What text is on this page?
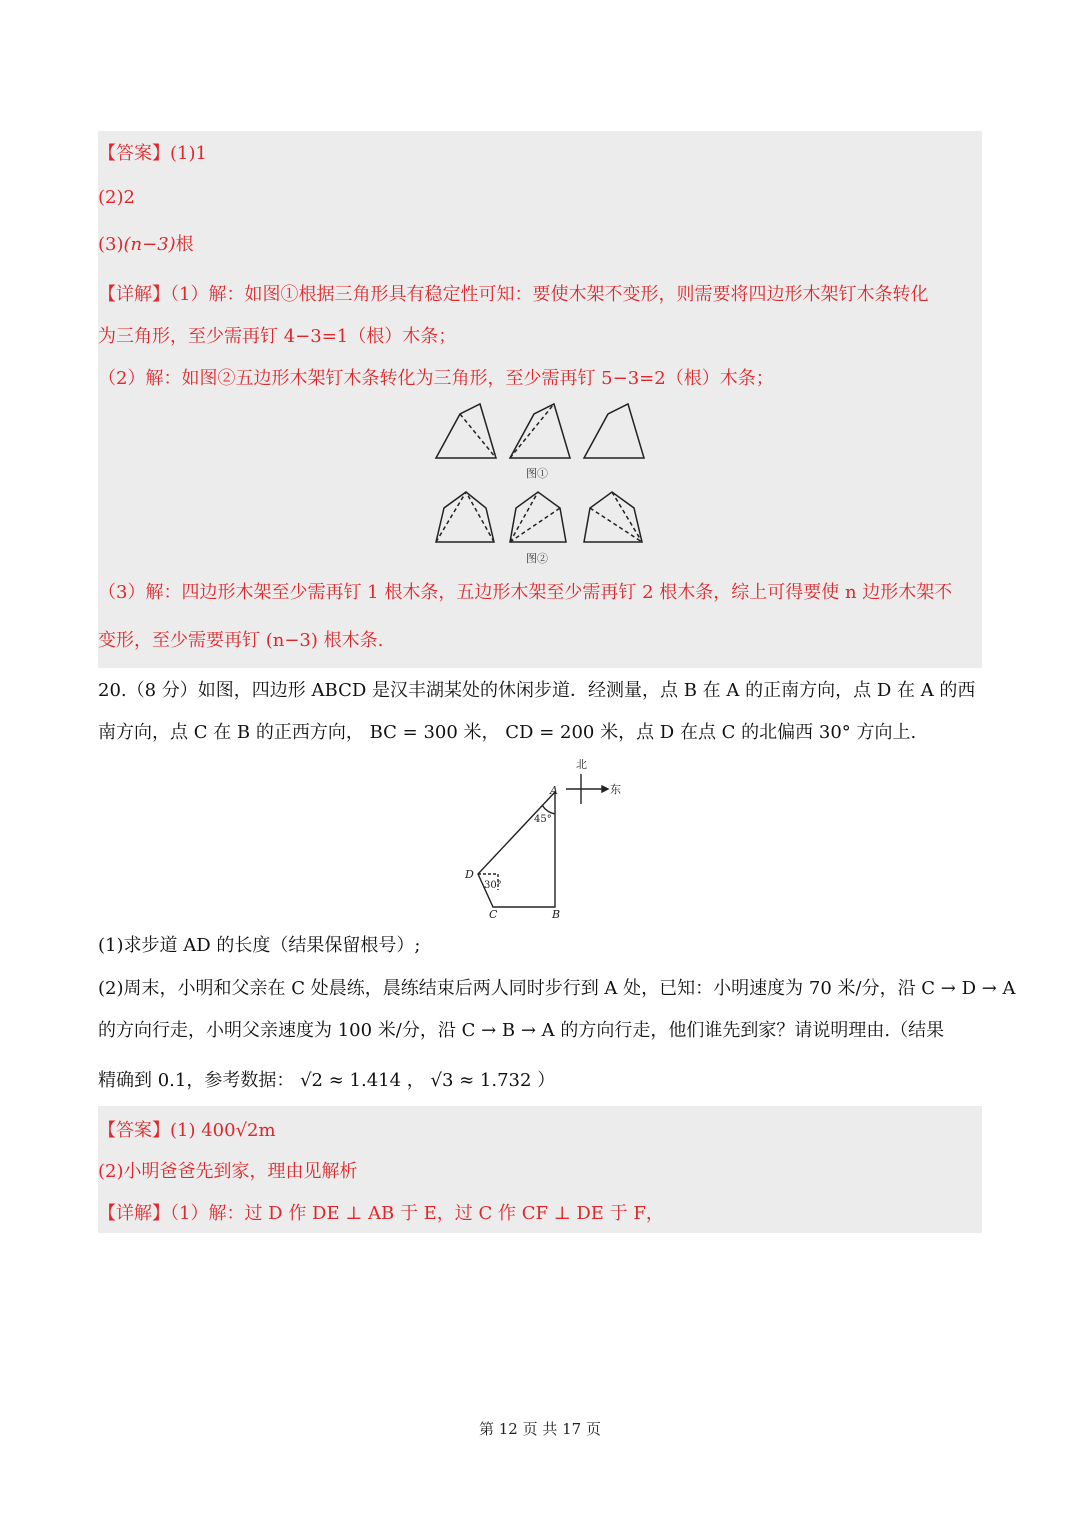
【答案】(1)1
(2)2
(3)(n−3)根
【详解】（1）解：如图①根据三角形具有稳定性可知：要使木架不变形，则需要将四边形木架钉木条转化
为三角形，至少需再钉 4−3=1（根）木条；
（2）解：如图②五边形木架钉木条转化为三角形，至少需再钉 5−3=2（根）木条；
图①
图②
（3）解：四边形木架至少需再钉 1 根木条，五边形木架至少需再钉 2 根木条，综上可得要使 n 边形木架不
变形，至少需要再钉 (n−3) 根木条.
20.（8 分）如图，四边形 ABCD 是汉丰湖某处的休闲步道．经测量，点 B 在 A 的正南方向，点 D 在 A 的西
南方向，点 C 在 B 的正西方向， BC = 300 米， CD = 200 米，点 D 在点 C 的北偏西 30° 方向上.
北
东
A
B
C
D
45°
30°
(1)求步道 AD 的长度（结果保留根号）;
(2)周末，小明和父亲在 C 处晨练，晨练结束后两人同时步行到 A 处，已知：小明速度为 70 米/分，沿 C → D → A
的方向行走，小明父亲速度为 100 米/分，沿 C → B → A 的方向行走，他们谁先到家？请说明理由.（结果
精确到 0.1，参考数据： √2 ≈ 1.414 ， √3 ≈ 1.732 ）
【答案】(1) 400√2m
(2)小明爸爸先到家，理由见解析
【详解】（1）解：过 D 作 DE ⊥ AB 于 E，过 C 作 CF ⊥ DE 于 F，
第 12 页 共 17 页
